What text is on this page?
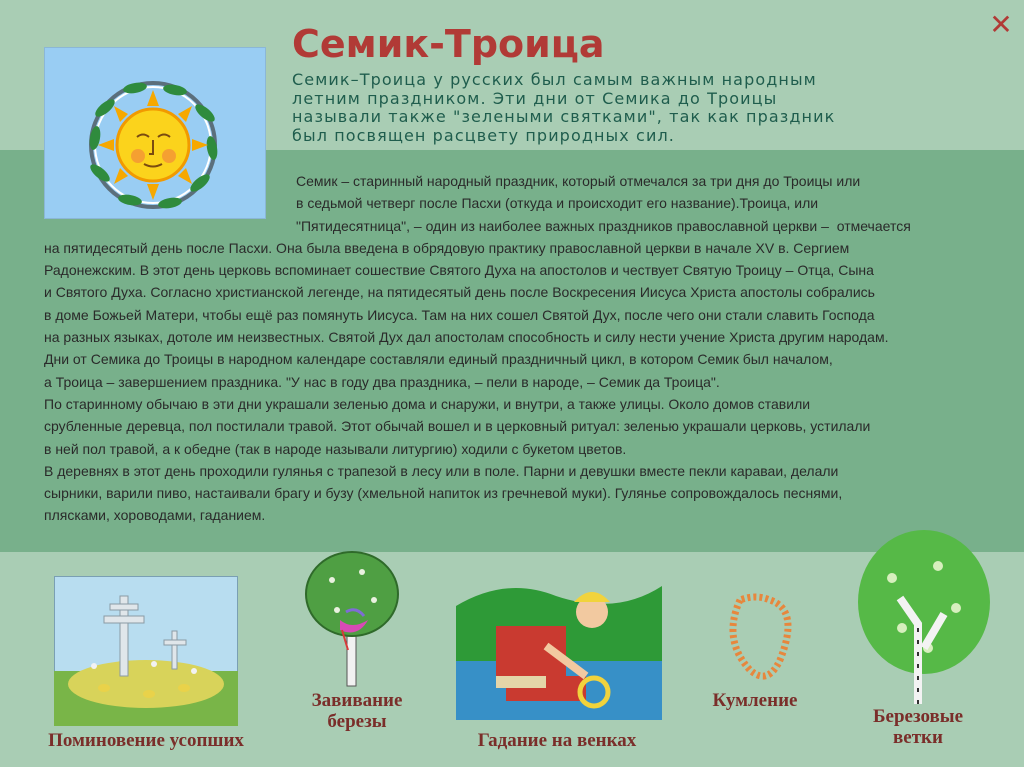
Семик-Троица
Семик–Троица у русских был самым важным народным
летним праздником. Эти дни от Семика до Троицы
называли также "зелеными святками", так как праздник
был посвящен расцвету природных сил.
✕

Семик – старинный народный праздник, который отмечался за три дня до Троицы или

в седьмой четверг после Пасхи (откуда и происходит его название).Троица, или

"Пятидесятница", – один из наиболее важных праздников православной церкви –  отмечается

на пятидесятый день после Пасхи. Она была введена в обрядовую практику православной церкви в начале XV в. Сергием

Радонежским. В этот день церковь вспоминает сошествие Святого Духа на апостолов и чествует Святую Троицу – Отца, Сына

и Святого Духа. Согласно христианской легенде, на пятидесятый день после Воскресения Иисуса Христа апостолы собрались

в доме Божьей Матери, чтобы ещё раз помянуть Иисуса. Там на них сошел Святой Дух, после чего они стали славить Господа

на разных языках, дотоле им неизвестных. Святой Дух дал апостолам способность и силу нести учение Христа другим народам.

Дни от Семика до Троицы в народном календаре составляли единый праздничный цикл, в котором Семик был началом,

а Троица – завершением праздника. "У нас в году два праздника, – пели в народе, – Семик да Троица".

По старинному обычаю в эти дни украшали зеленью дома и снаружи, и внутри, а также улицы. Около домов ставили

срубленные деревца, пол постилали травой. Этот обычай вошел и в церковный ритуал: зеленью украшали церковь, устилали

в ней пол травой, а к обедне (так в народе называли литургию) ходили с букетом цветов.

В деревнях в этот день проходили гулянья с трапезой в лесу или в поле. Парни и девушки вместе пекли караваи, делали

сырники, варили пиво, настаивали брагу и бузу (хмельной напиток из гречневой муки). Гулянье сопровождалось песнями,

плясками, хороводами, гаданием.

Поминовение усопших
Завивание
березы
Гадание на венках
Кумление
Березовые
ветки
